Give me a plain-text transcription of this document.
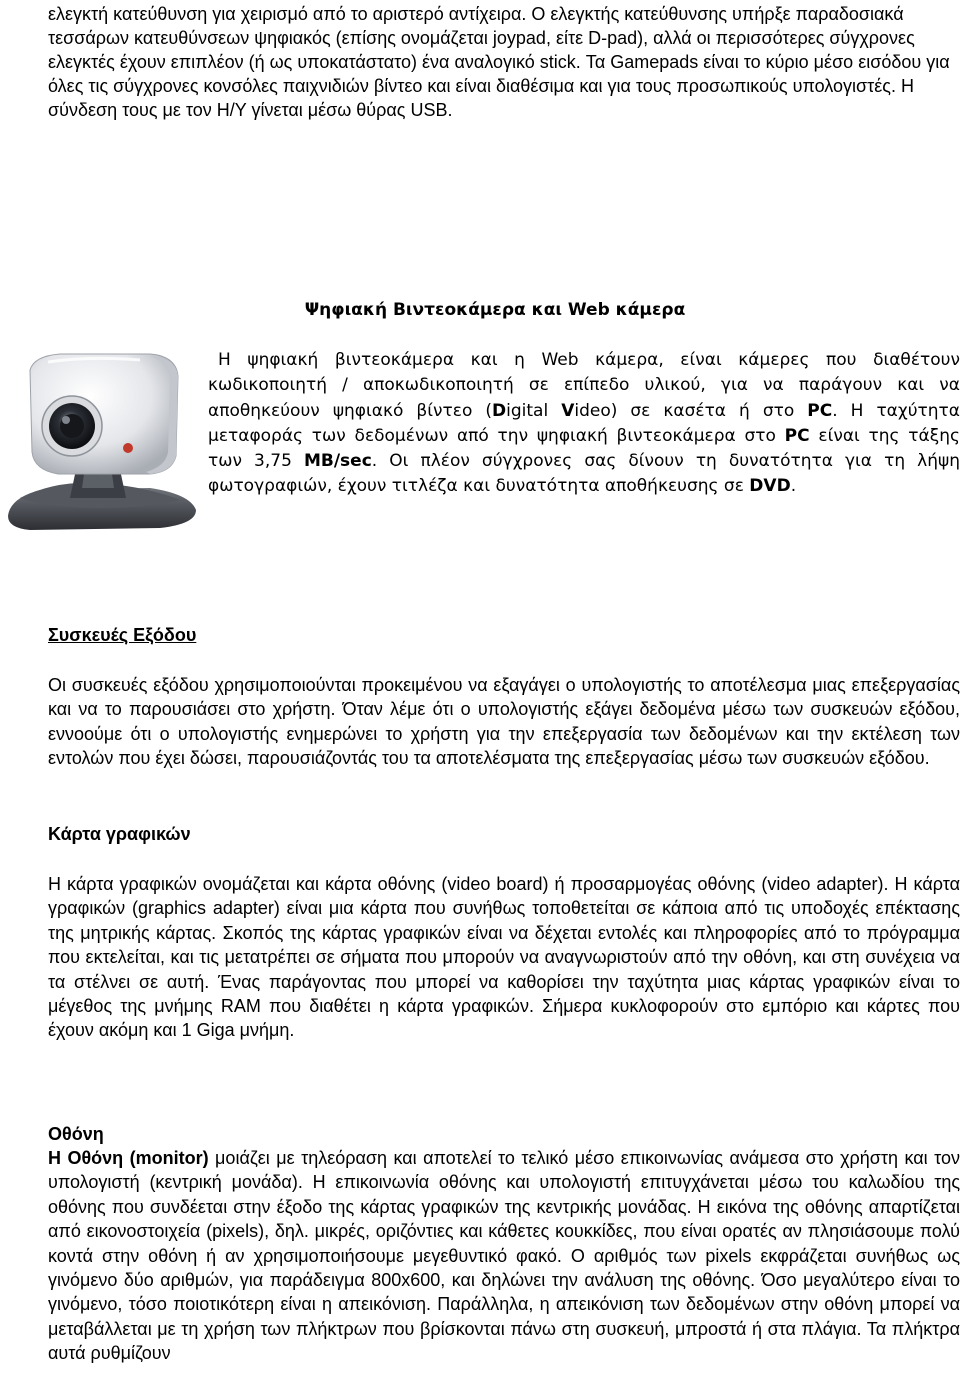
ελεγκτή κατεύθυνση για χειρισμό από το αριστερό αντίχειρα. Ο ελεγκτής κατεύθυνσης υπήρξε παραδοσιακά τεσσάρων κατευθύνσεων ψηφιακός (επίσης ονομάζεται joypad, είτε D-pad), αλλά οι περισσότερες σύγχρονες ελεγκτές έχουν επιπλέον (ή ως υποκατάστατο) ένα αναλογικό stick. Τα Gamepads είναι το κύριο μέσο εισόδου για όλες τις σύγχρονες κονσόλες παιχνιδιών βίντεο και είναι διαθέσιμα και για τους προσωπικούς υπολογιστές. Η σύνδεση τους με τον Η/Υ γίνεται μέσω θύρας USB.

Ψηφιακή Βιντεοκάμερα και Web κάμερα

Η ψηφιακή βιντεοκάμερα και η Web κάμερα, είναι κάμερες που διαθέτουν κωδικοποιητή / αποκωδικοποιητή σε επίπεδο υλικού, για να παράγουν και να αποθηκεύουν ψηφιακό βίντεο (Digital Video) σε κασέτα ή στο PC. Η ταχύτητα μεταφοράς των δεδομένων από την ψηφιακή βιντεοκάμερα στο PC είναι της τάξης των 3,75 MB/sec. Οι πλέον σύγχρονες σας δίνουν τη δυνατότητα για τη λήψη φωτογραφιών, έχουν τιτλέζα και δυνατότητα αποθήκευσης σε DVD.

Συσκευές Εξόδου

Οι συσκευές εξόδου χρησιμοποιούνται προκειμένου να εξαγάγει ο υπολογιστής το αποτέλεσμα μιας επεξεργασίας και να το παρουσιάσει στο χρήστη. Όταν λέμε ότι ο υπολογιστής εξάγει δεδομένα μέσω των συσκευών εξόδου, εννοούμε ότι ο υπολογιστής ενημερώνει το χρήστη για την επεξεργασία των δεδομένων και την εκτέλεση των εντολών που έχει δώσει, παρουσιάζοντάς του τα αποτελέσματα της επεξεργασίας μέσω των συσκευών εξόδου.

Κάρτα γραφικών

Η κάρτα γραφικών ονομάζεται και κάρτα οθόνης (video board) ή προσαρμογέας οθόνης (video adapter). Η κάρτα γραφικών (graphics adapter) είναι μια κάρτα που συνήθως τοποθετείται σε κάποια από τις υποδοχές επέκτασης της μητρικής κάρτας. Σκοπός της κάρτας γραφικών είναι να δέχεται εντολές και πληροφορίες από το πρόγραμμα που εκτελείται, και τις μετατρέπει σε σήματα που μπορούν να αναγνωριστούν από την οθόνη, και στη συνέχεια να τα στέλνει σε αυτή. Ένας παράγοντας που μπορεί να καθορίσει την ταχύτητα μιας κάρτας γραφικών είναι το μέγεθος της μνήμης RAM που διαθέτει η κάρτα γραφικών. Σήμερα κυκλοφορούν στο εμπόριο και κάρτες που έχουν ακόμη και 1 Giga μνήμη.

Οθόνη

Η Οθόνη (monitor) μοιάζει με τηλεόραση και αποτελεί το τελικό μέσο επικοινωνίας ανάμεσα στο χρήστη και τον υπολογιστή (κεντρική μονάδα). Η επικοινωνία οθόνης και υπολογιστή επιτυγχάνεται μέσω του καλωδίου της οθόνης που συνδέεται στην έξοδο της κάρτας γραφικών της κεντρικής μονάδας. Η εικόνα της οθόνης απαρτίζεται από εικονοστοιχεία (pixels), δηλ. μικρές, οριζόντιες και κάθετες κουκκίδες, που είναι ορατές αν πλησιάσουμε πολύ κοντά στην οθόνη ή αν χρησιμοποιήσουμε μεγεθυντικό φακό. Ο αριθμός των pixels εκφράζεται συνήθως ως γινόμενο δύο αριθμών, για παράδειγμα 800x600, και δηλώνει την ανάλυση της οθόνης. Όσο μεγαλύτερο είναι το γινόμενο, τόσο ποιοτικότερη είναι η απεικόνιση. Παράλληλα, η απεικόνιση των δεδομένων στην οθόνη μπορεί να μεταβάλλεται με τη χρήση των πλήκτρων που βρίσκονται πάνω στη συσκευή, μπροστά ή στα πλάγια. Τα πλήκτρα αυτά ρυθμίζουν
